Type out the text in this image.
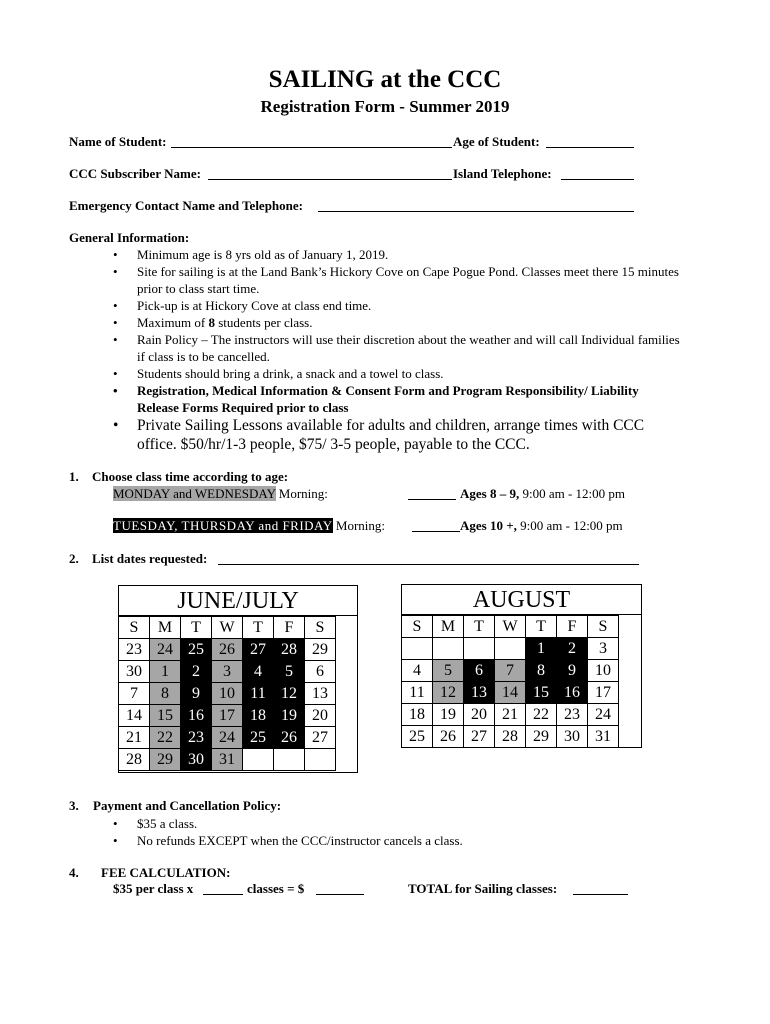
SAILING at the CCC
Registration Form - Summer 2019
Name of Student:	Age of Student:
CCC Subscriber Name:	Island Telephone:
Emergency Contact Name and Telephone:
General Information:
• Minimum age is 8 yrs old as of January 1, 2019.
• Site for sailing is at the Land Bank’s Hickory Cove on Cape Pogue Pond. Classes meet there 15 minutes prior to class start time.
• Pick-up is at Hickory Cove at class end time.
• Maximum of 8 students per class.
• Rain Policy – The instructors will use their discretion about the weather and will call Individual families if class is to be cancelled.
• Students should bring a drink, a snack and a towel to class.
• Registration, Medical Information & Consent Form and Program Responsibility/ Liability Release Forms Required prior to class
• Private Sailing Lessons available for adults and children, arrange times with CCC office. $50/hr/1-3 people, $75/ 3-5 people, payable to the CCC.
1. Choose class time according to age:
MONDAY and WEDNESDAY Morning:	Ages 8 – 9, 9:00 am - 12:00 pm
TUESDAY, THURSDAY and FRIDAY Morning:	Ages 10 +, 9:00 am - 12:00 pm
2. List dates requested:
JUNE/JULY
S	M	T	W	T	F	S
23	24	25	26	27	28	29
30	1	2	3	4	5	6
7	8	9	10	11	12	13
14	15	16	17	18	19	20
21	22	23	24	25	26	27
28	29	30	31			
AUGUST
S	M	T	W	T	F	S
				1	2	3
4	5	6	7	8	9	10
11	12	13	14	15	16	17
18	19	20	21	22	23	24
25	26	27	28	29	30	31
3. Payment and Cancellation Policy:
• $35 a class.
• No refunds EXCEPT when the CCC/instructor cancels a class.
4. FEE CALCULATION:
$35 per class x	classes = $	TOTAL for Sailing classes:
